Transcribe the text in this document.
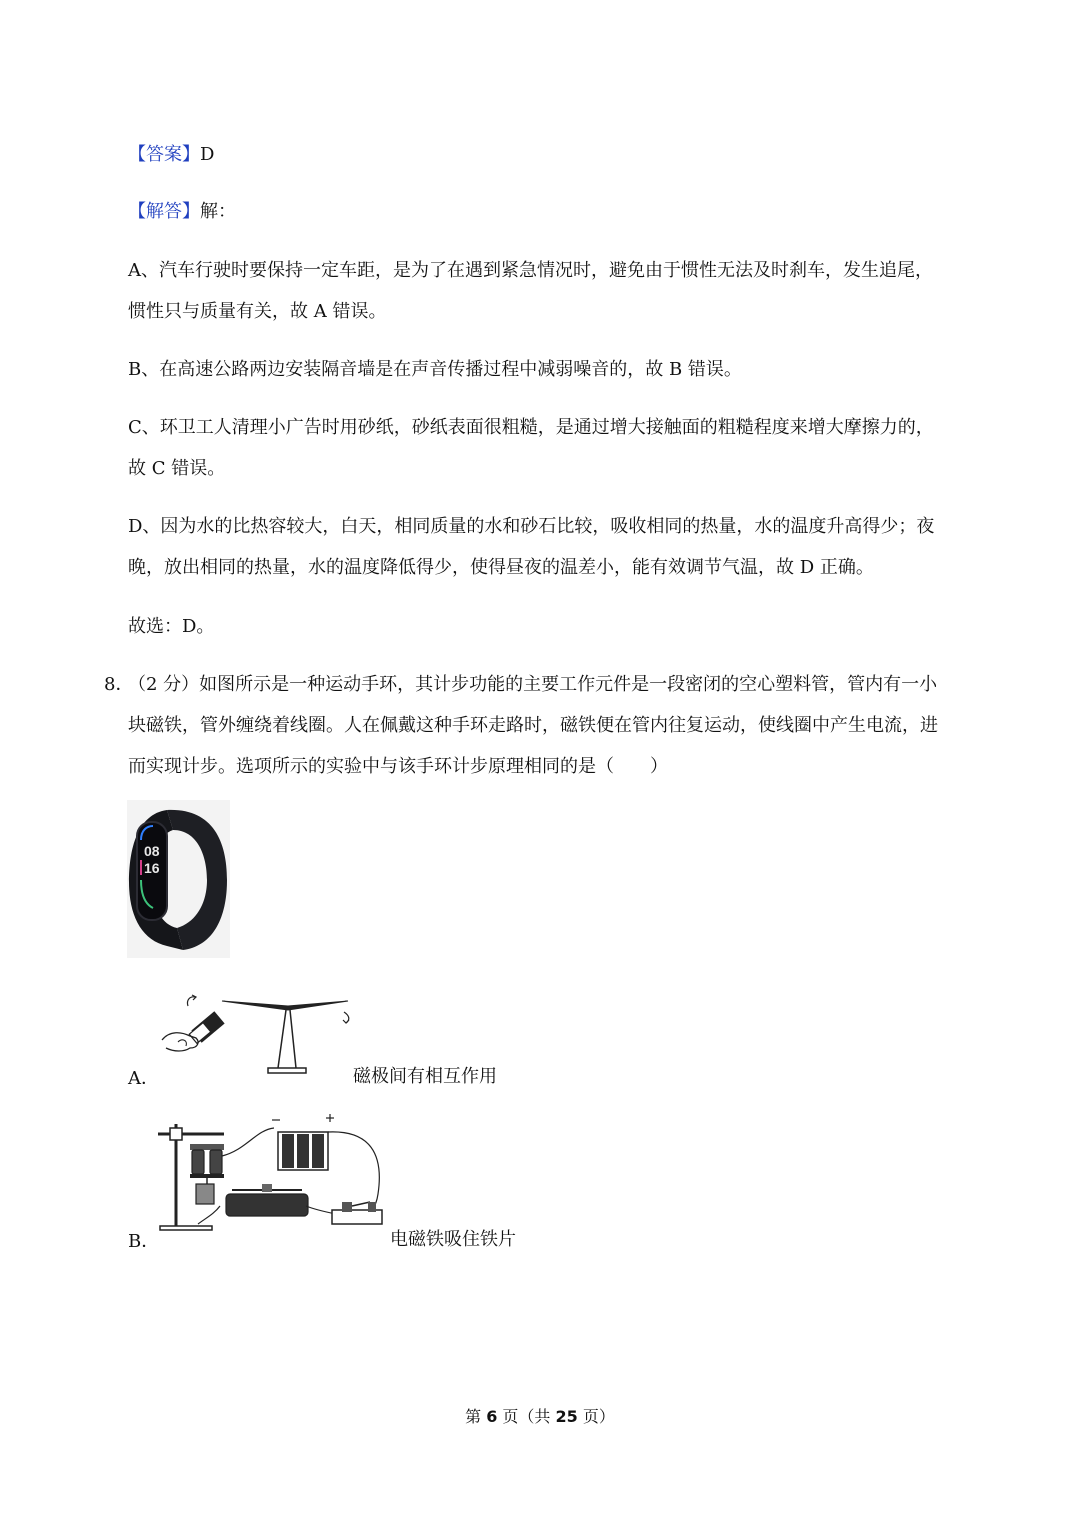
【答案】D
【解答】解：
A、汽车行驶时要保持一定车距，是为了在遇到紧急情况时，避免由于惯性无法及时刹车，发生追尾，
惯性只与质量有关，故 A 错误。
B、在高速公路两边安装隔音墙是在声音传播过程中减弱噪音的，故 B 错误。
C、环卫工人清理小广告时用砂纸，砂纸表面很粗糙，是通过增大接触面的粗糙程度来增大摩擦力的，
故 C 错误。
D、因为水的比热容较大，白天，相同质量的水和砂石比较，吸收相同的热量，水的温度升高得少；夜
晚，放出相同的热量，水的温度降低得少，使得昼夜的温差小，能有效调节气温，故 D 正确。
故选：D。
8．
（2 分）如图所示是一种运动手环，其计步功能的主要工作元件是一段密闭的空心塑料管，管内有一小
块磁铁，管外缠绕着线圈。人在佩戴这种手环走路时，磁铁便在管内往复运动，使线圈中产生电流，进
而实现计步。选项所示的实验中与该手环计步原理相同的是（　　）
08
16
A．	磁极间有相互作用
B．	电磁铁吸住铁片
第 6 页（共 25 页）
